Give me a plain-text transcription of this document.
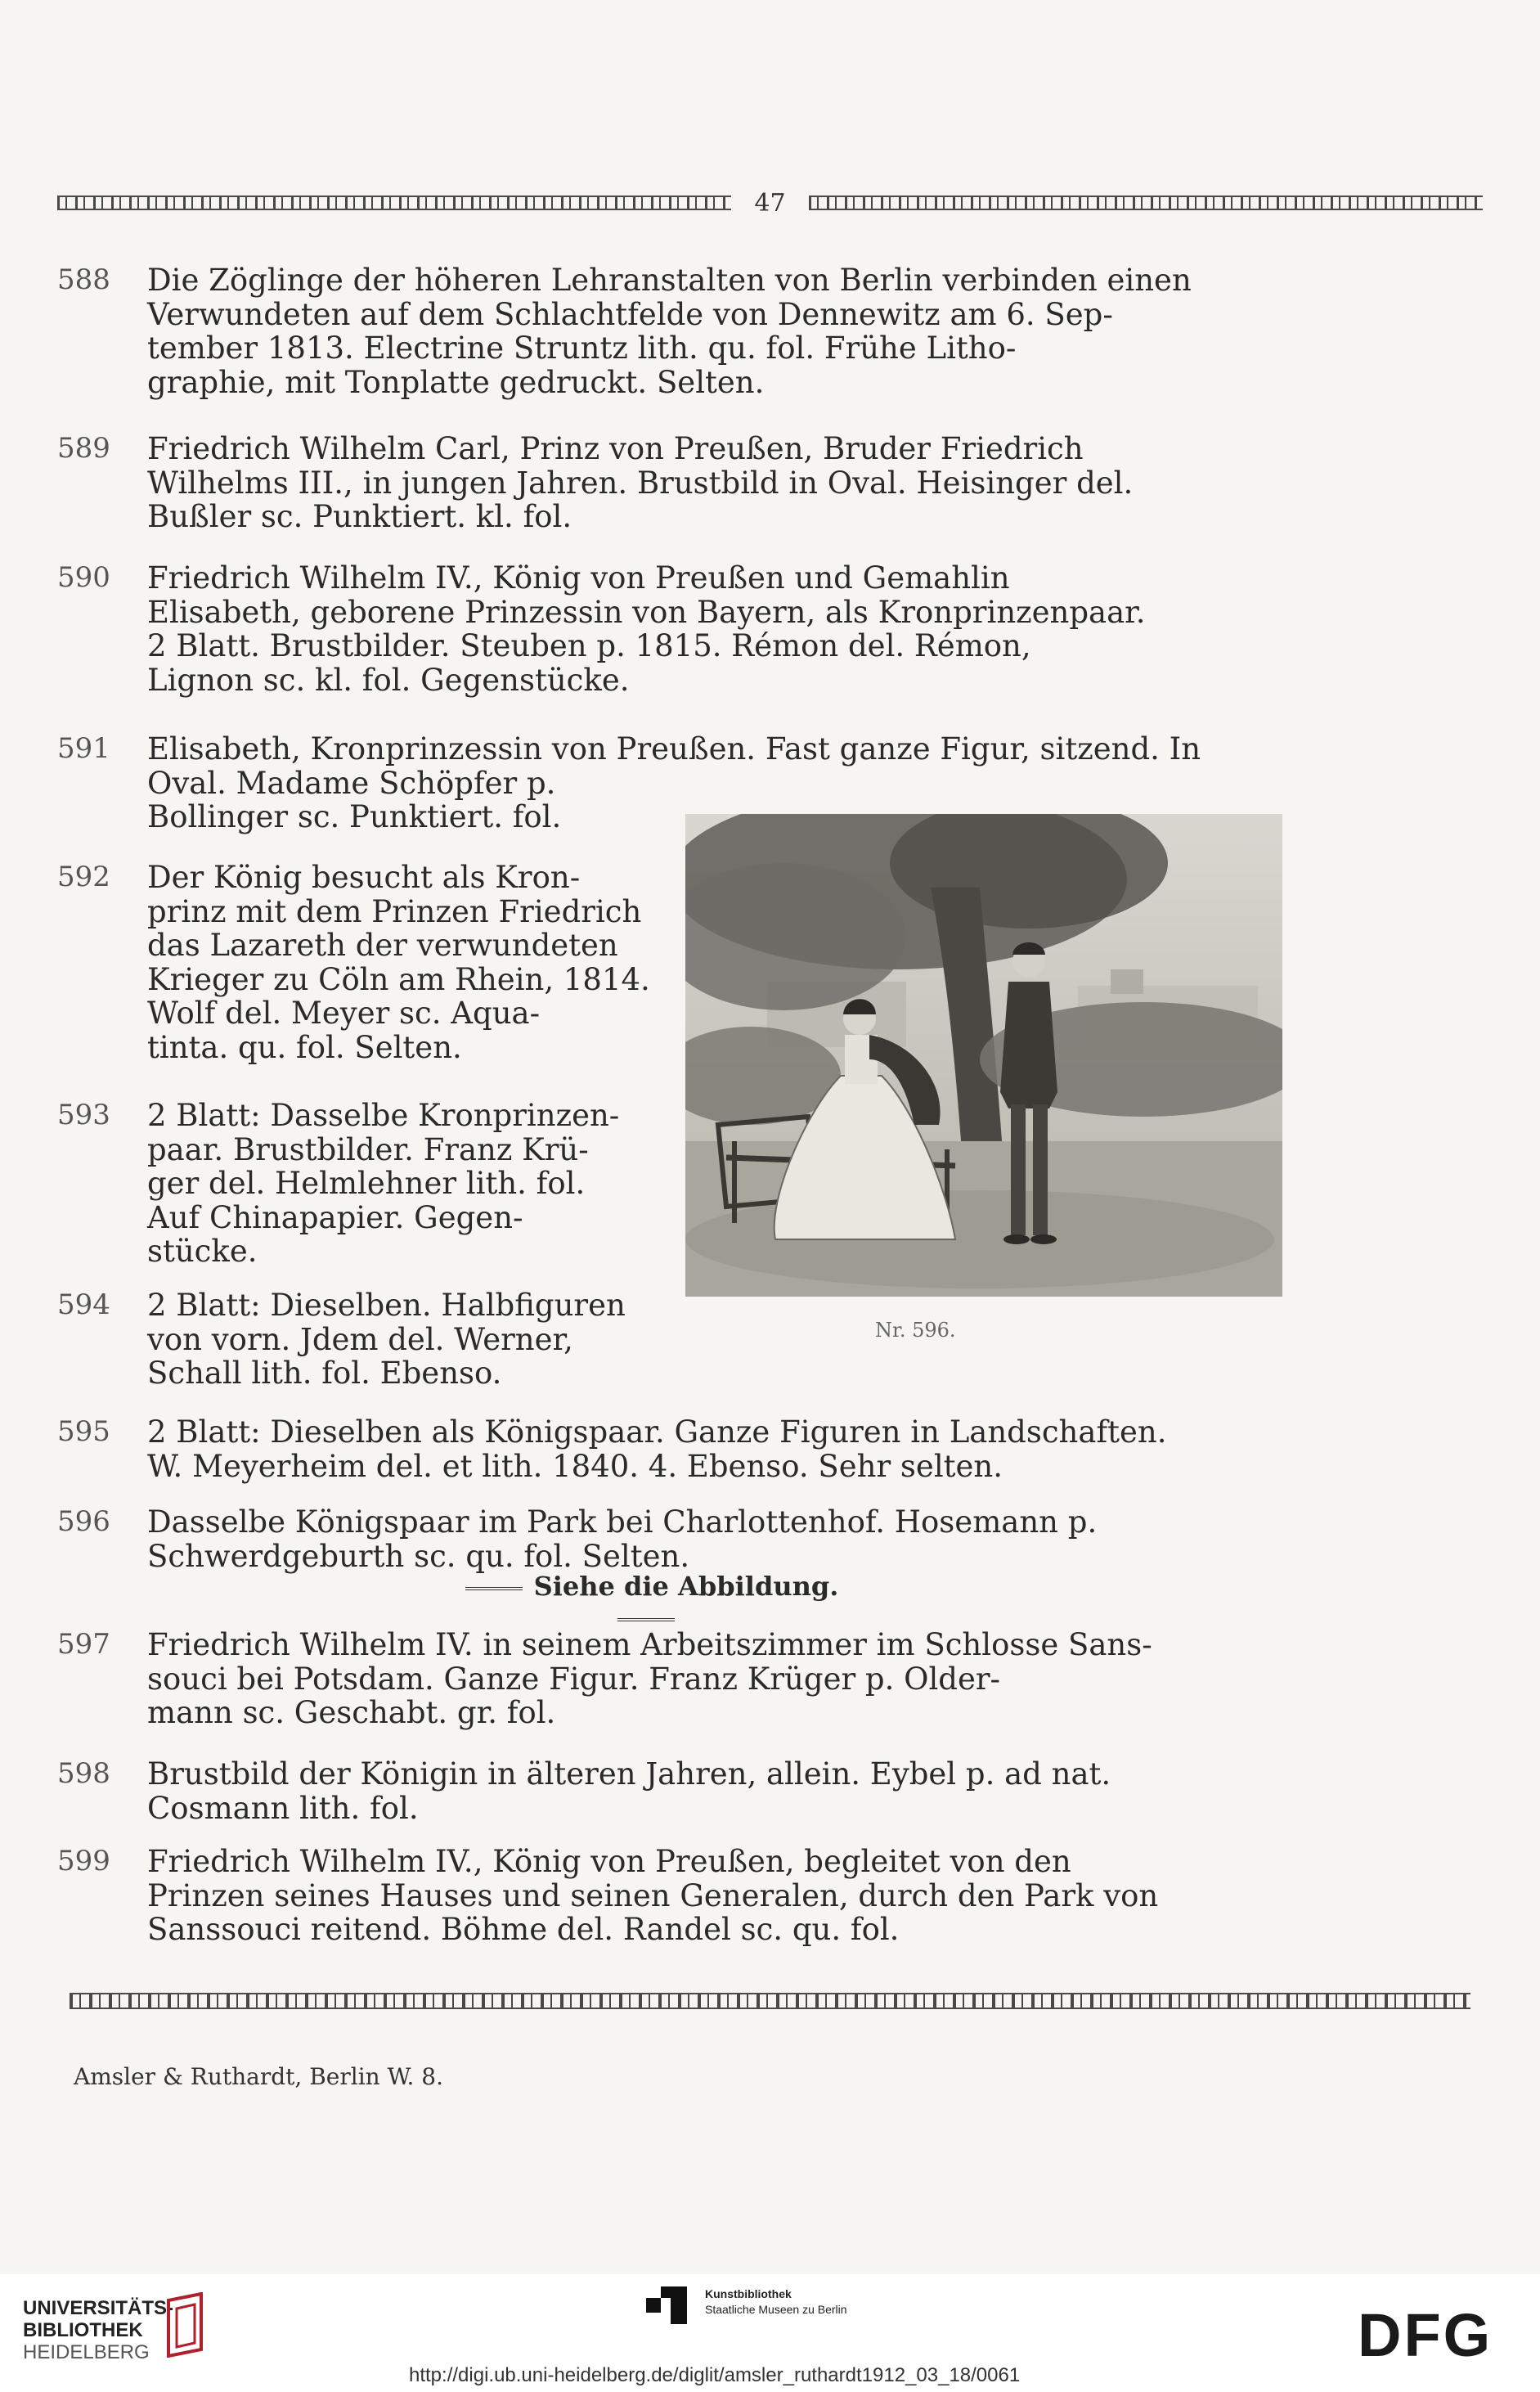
47
588	Die Zöglinge der höheren Lehranstalten von Berlin verbinden einen
Verwundeten auf dem Schlachtfelde von Dennewitz am 6. Sep-
tember 1813. Electrine Struntz lith. qu. fol. Frühe Litho-
graphie, mit Tonplatte gedruckt. Selten.
589	Friedrich Wilhelm Carl, Prinz von Preußen, Bruder Friedrich
Wilhelms III., in jungen Jahren. Brustbild in Oval. Heisinger del.
Bußler sc. Punktiert. kl. fol.
590	Friedrich Wilhelm IV., König von Preußen und Gemahlin
Elisabeth, geborene Prinzessin von Bayern, als Kronprinzenpaar.
2 Blatt. Brustbilder. Steuben p. 1815. Rémon del. Rémon,
Lignon sc. kl. fol. Gegenstücke.
591	Elisabeth, Kronprinzessin von Preußen. Fast ganze Figur, sitzend. In
Oval. Madame Schöpfer p.
Bollinger sc. Punktiert. fol.
592	Der König besucht als Kron-
prinz mit dem Prinzen Friedrich
das Lazareth der verwundeten
Krieger zu Cöln am Rhein, 1814.
Wolf del. Meyer sc. Aqua-
tinta. qu. fol. Selten.
593	2 Blatt: Dasselbe Kronprinzen-
paar. Brustbilder. Franz Krü-
ger del. Helmlehner lith. fol.
Auf Chinapapier. Gegen-
stücke.
594	2 Blatt: Dieselben. Halbfiguren
von vorn. Jdem del. Werner,
Schall lith. fol. Ebenso.
595	2 Blatt: Dieselben als Königspaar. Ganze Figuren in Landschaften.
W. Meyerheim del. et lith. 1840. 4. Ebenso. Sehr selten.
596	Dasselbe Königspaar im Park bei Charlottenhof. Hosemann p.
Schwerdgeburth sc. qu. fol. Selten.
Siehe die Abbildung.
597	Friedrich Wilhelm IV. in seinem Arbeitszimmer im Schlosse Sans-
souci bei Potsdam. Ganze Figur. Franz Krüger p. Older-
mann sc. Geschabt. gr. fol.
598	Brustbild der Königin in älteren Jahren, allein. Eybel p. ad nat.
Cosmann lith. fol.
599	Friedrich Wilhelm IV., König von Preußen, begleitet von den
Prinzen seines Hauses und seinen Generalen, durch den Park von
Sanssouci reitend. Böhme del. Randel sc. qu. fol.
Nr. 596.
Amsler & Ruthardt, Berlin W. 8.
UNIVERSITÄTS-
BIBLIOTHEK
HEIDELBERG
Kunstbibliothek
Staatliche Museen zu Berlin	DFG
http://digi.ub.uni-heidelberg.de/diglit/amsler_ruthardt1912_03_18/0061
